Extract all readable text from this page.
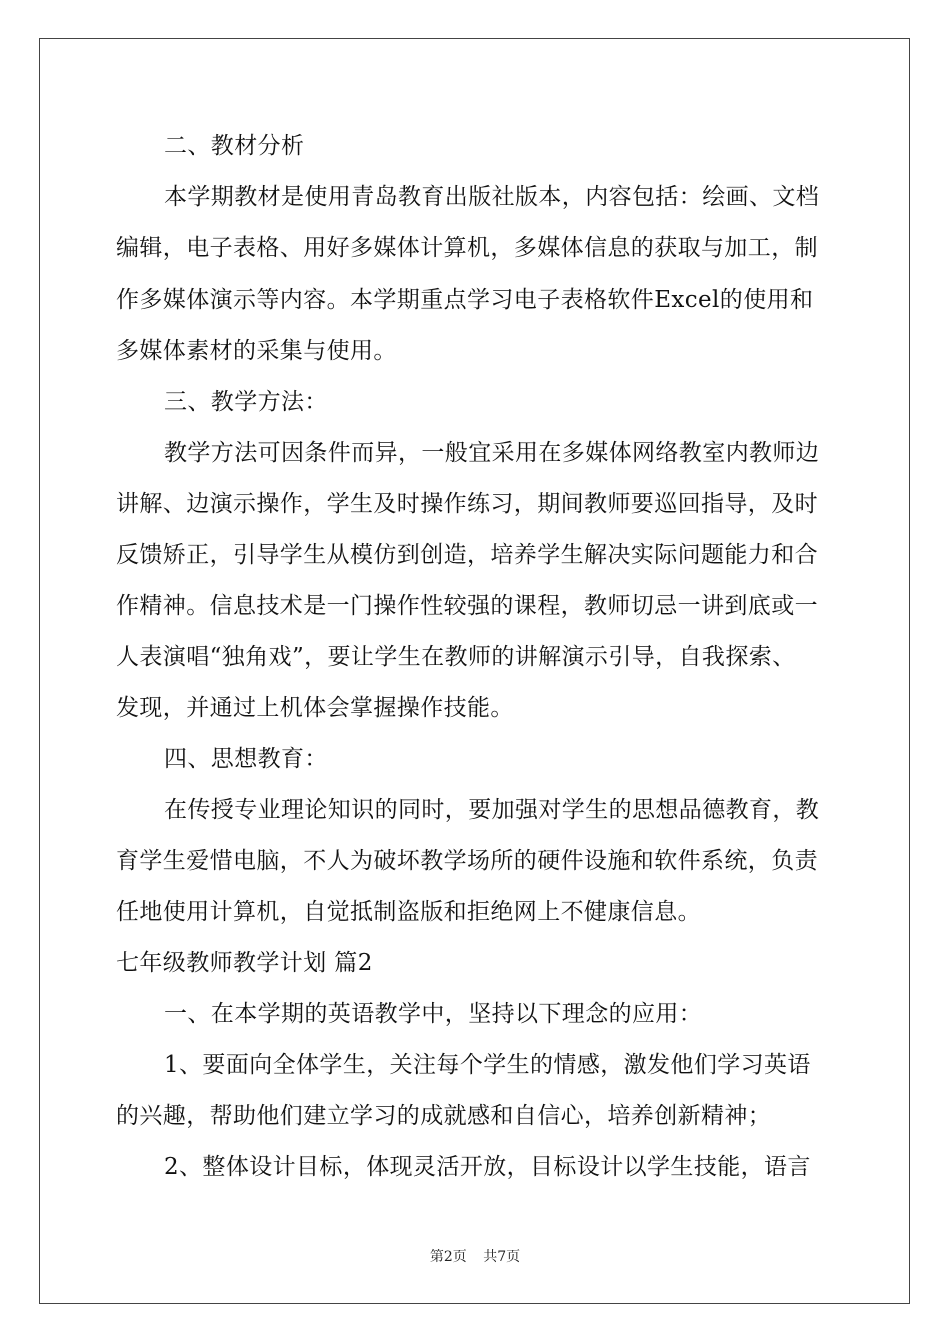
二、教材分析
本学期教材是使用青岛教育出版社版本，内容包括：绘画、文档
编辑，电子表格、用好多媒体计算机，多媒体信息的获取与加工，制
作多媒体演示等内容。本学期重点学习电子表格软件Excel的使用和
多媒体素材的采集与使用。
三、教学方法：
教学方法可因条件而异，一般宜采用在多媒体网络教室内教师边
讲解、边演示操作，学生及时操作练习，期间教师要巡回指导，及时
反馈矫正，引导学生从模仿到创造，培养学生解决实际问题能力和合
作精神。信息技术是一门操作性较强的课程，教师切忌一讲到底或一
人表演唱“独角戏”，要让学生在教师的讲解演示引导，自我探索、
发现，并通过上机体会掌握操作技能。
四、思想教育：
在传授专业理论知识的同时，要加强对学生的思想品德教育，教
育学生爱惜电脑，不人为破坏教学场所的硬件设施和软件系统，负责
任地使用计算机，自觉抵制盗版和拒绝网上不健康信息。
七年级教师教学计划 篇2
一、在本学期的英语教学中，坚持以下理念的应用：
1、要面向全体学生，关注每个学生的情感，激发他们学习英语
的兴趣，帮助他们建立学习的成就感和自信心，培养创新精神；
2、整体设计目标，体现灵活开放，目标设计以学生技能，语言
第2页 共7页
